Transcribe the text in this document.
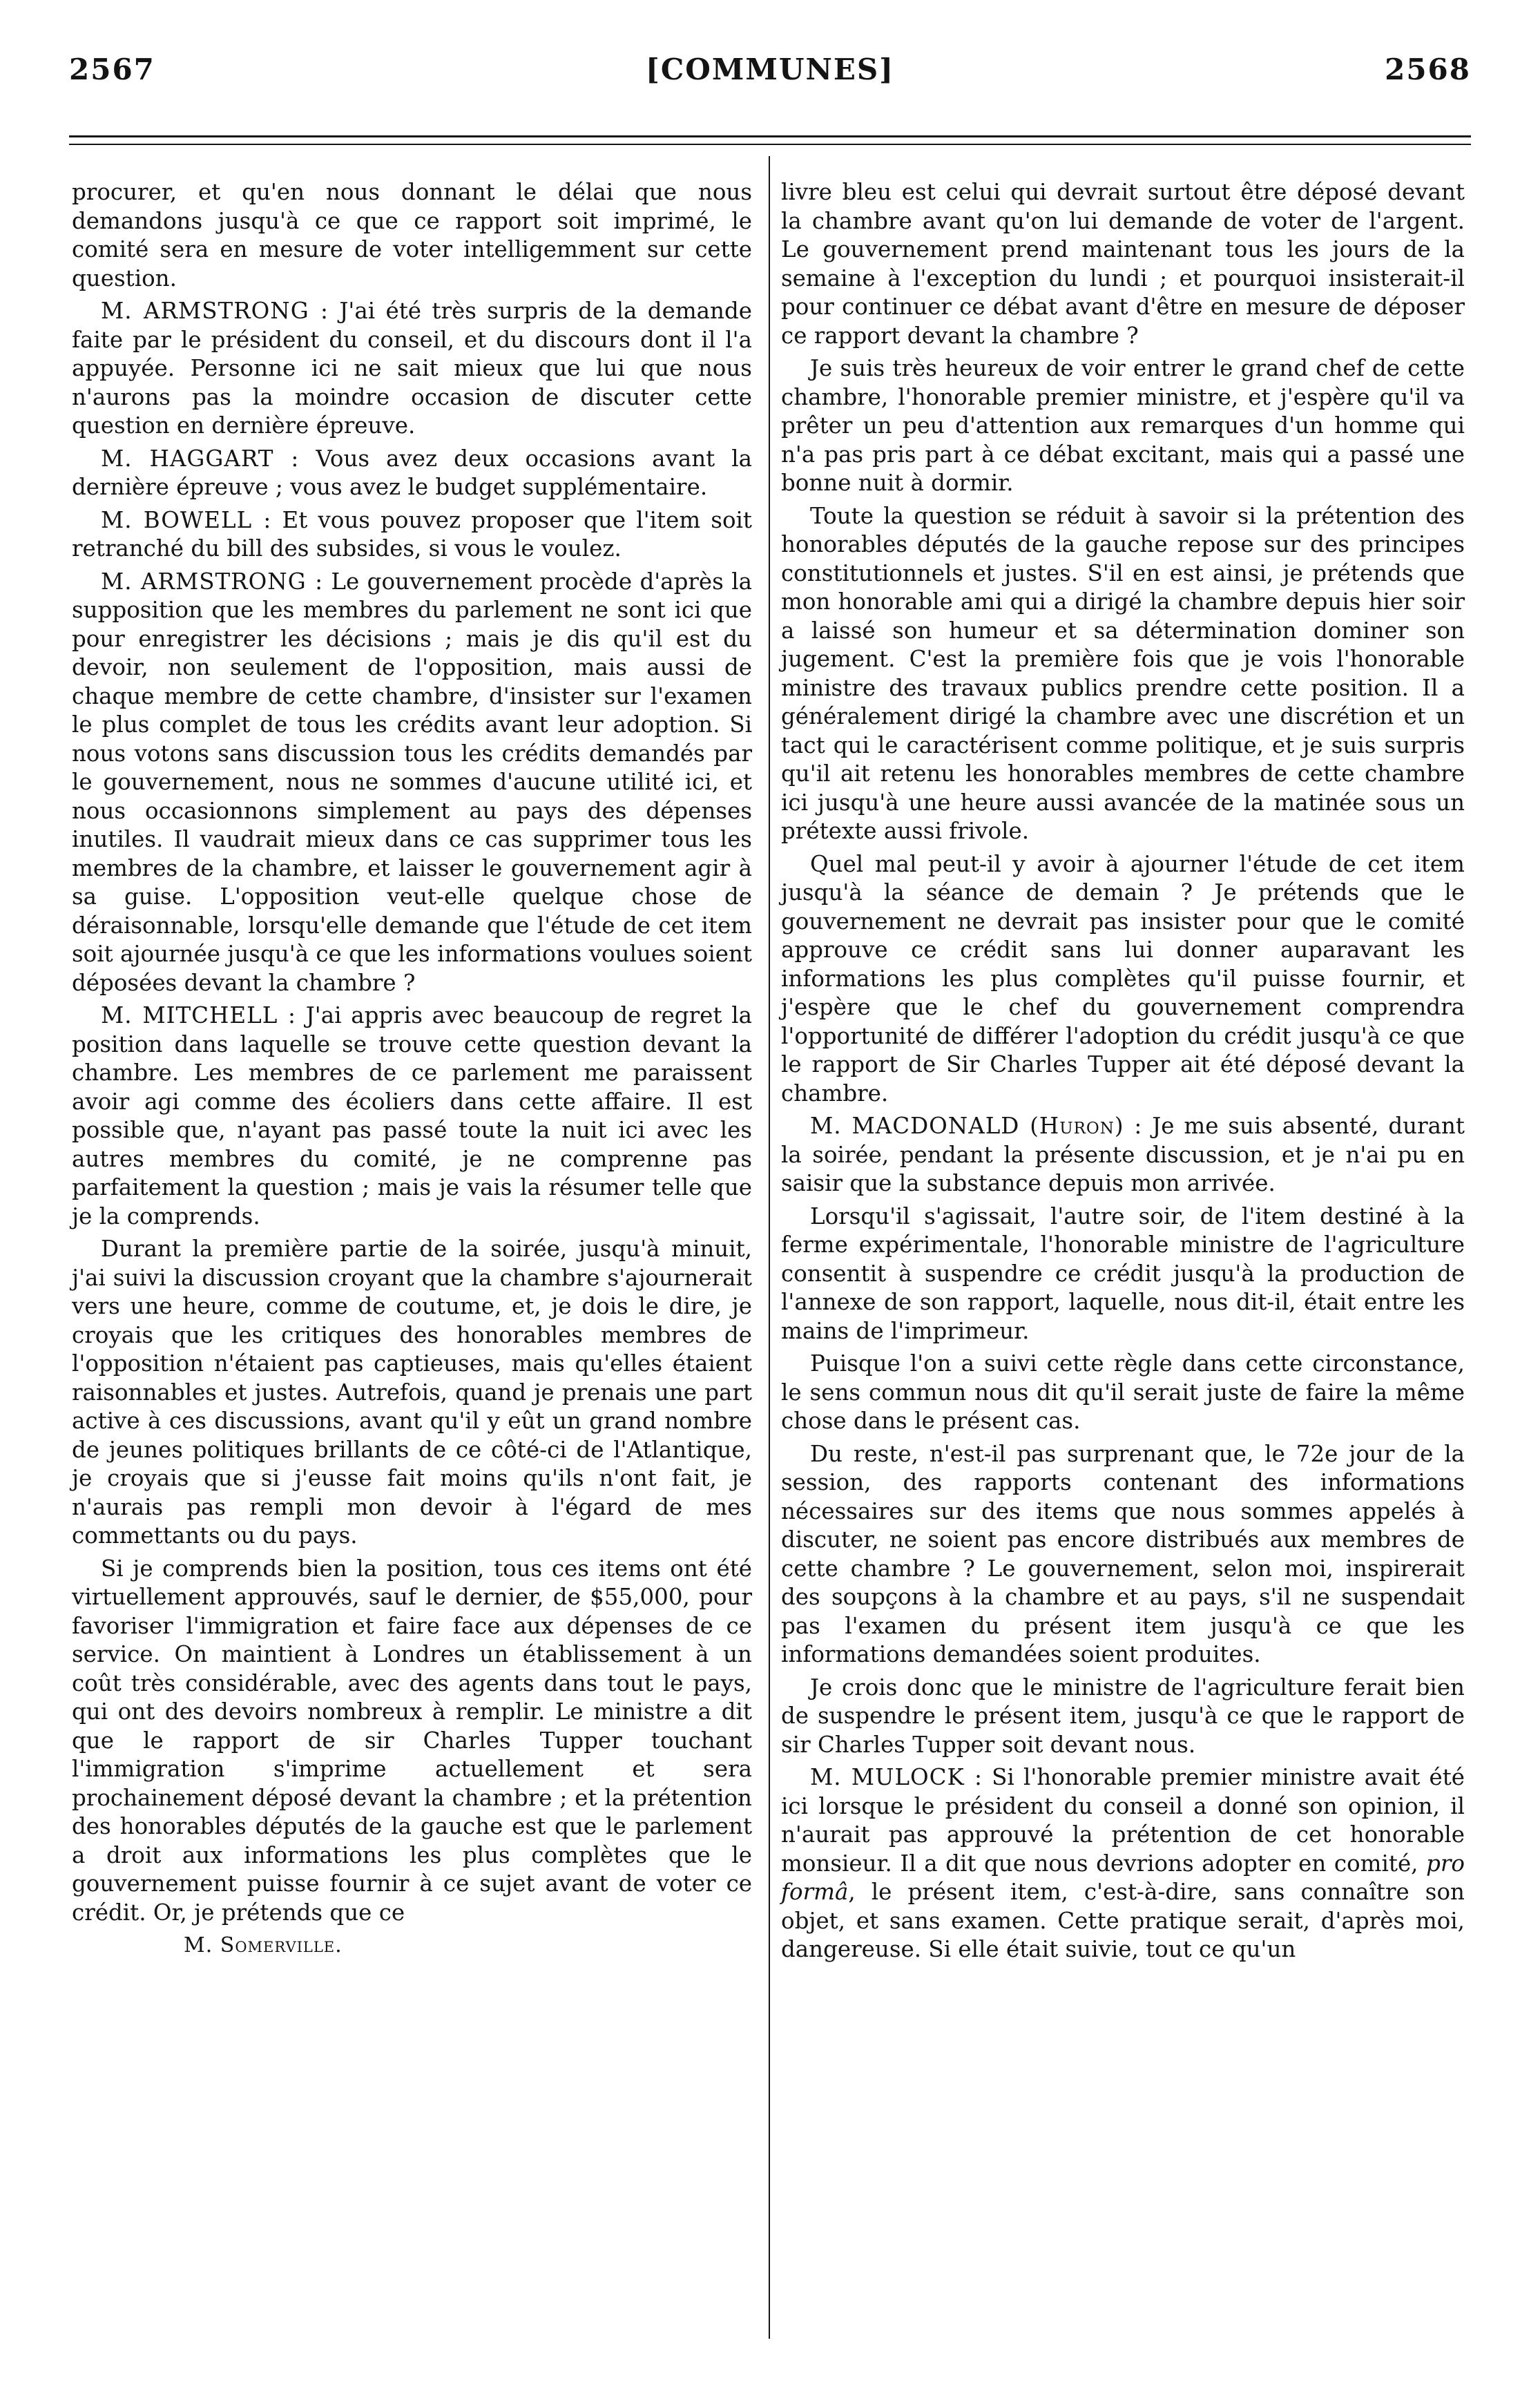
2567	[COMMUNES]	2568

procurer, et qu'en nous donnant le délai que nous demandons jusqu'à ce que ce rapport soit imprimé, le comité sera en mesure de voter intelligemment sur cette question.

M. ARMSTRONG : J'ai été très surpris de la demande faite par le président du conseil, et du discours dont il l'a appuyée. Personne ici ne sait mieux que lui que nous n'aurons pas la moindre occasion de discuter cette question en dernière épreuve.

M. HAGGART : Vous avez deux occasions avant la dernière épreuve ; vous avez le budget supplémentaire.

M. BOWELL : Et vous pouvez proposer que l'item soit retranché du bill des subsides, si vous le voulez.

M. ARMSTRONG : Le gouvernement procède d'après la supposition que les membres du parlement ne sont ici que pour enregistrer les décisions ; mais je dis qu'il est du devoir, non seulement de l'opposition, mais aussi de chaque membre de cette chambre, d'insister sur l'examen le plus complet de tous les crédits avant leur adoption. Si nous votons sans discussion tous les crédits demandés par le gouvernement, nous ne sommes d'aucune utilité ici, et nous occasionnons simplement au pays des dépenses inutiles. Il vaudrait mieux dans ce cas supprimer tous les membres de la chambre, et laisser le gouvernement agir à sa guise. L'opposition veut-elle quelque chose de déraisonnable, lorsqu'elle demande que l'étude de cet item soit ajournée jusqu'à ce que les informations voulues soient déposées devant la chambre ?

M. MITCHELL : J'ai appris avec beaucoup de regret la position dans laquelle se trouve cette question devant la chambre. Les membres de ce parlement me paraissent avoir agi comme des écoliers dans cette affaire. Il est possible que, n'ayant pas passé toute la nuit ici avec les autres membres du comité, je ne comprenne pas parfaitement la question ; mais je vais la résumer telle que je la comprends.

Durant la première partie de la soirée, jusqu'à minuit, j'ai suivi la discussion croyant que la chambre s'ajournerait vers une heure, comme de coutume, et, je dois le dire, je croyais que les critiques des honorables membres de l'opposition n'étaient pas captieuses, mais qu'elles étaient raisonnables et justes. Autrefois, quand je prenais une part active à ces discussions, avant qu'il y eût un grand nombre de jeunes politiques brillants de ce côté-ci de l'Atlantique, je croyais que si j'eusse fait moins qu'ils n'ont fait, je n'aurais pas rempli mon devoir à l'égard de mes commettants ou du pays.

Si je comprends bien la position, tous ces items ont été virtuellement approuvés, sauf le dernier, de $55,000, pour favoriser l'immigration et faire face aux dépenses de ce service. On maintient à Londres un établissement à un coût très considérable, avec des agents dans tout le pays, qui ont des devoirs nombreux à remplir. Le ministre a dit que le rapport de sir Charles Tupper touchant l'immigration s'imprime actuellement et sera prochainement déposé devant la chambre ; et la prétention des honorables députés de la gauche est que le parlement a droit aux informations les plus complètes que le gouvernement puisse fournir à ce sujet avant de voter ce crédit. Or, je prétends que ce

M. Somerville.

livre bleu est celui qui devrait surtout être déposé devant la chambre avant qu'on lui demande de voter de l'argent. Le gouvernement prend maintenant tous les jours de la semaine à l'exception du lundi ; et pourquoi insisterait-il pour continuer ce débat avant d'être en mesure de déposer ce rapport devant la chambre ?

Je suis très heureux de voir entrer le grand chef de cette chambre, l'honorable premier ministre, et j'espère qu'il va prêter un peu d'attention aux remarques d'un homme qui n'a pas pris part à ce débat excitant, mais qui a passé une bonne nuit à dormir.

Toute la question se réduit à savoir si la prétention des honorables députés de la gauche repose sur des principes constitutionnels et justes. S'il en est ainsi, je prétends que mon honorable ami qui a dirigé la chambre depuis hier soir a laissé son humeur et sa détermination dominer son jugement. C'est la première fois que je vois l'honorable ministre des travaux publics prendre cette position. Il a généralement dirigé la chambre avec une discrétion et un tact qui le caractérisent comme politique, et je suis surpris qu'il ait retenu les honorables membres de cette chambre ici jusqu'à une heure aussi avancée de la matinée sous un prétexte aussi frivole.

Quel mal peut-il y avoir à ajourner l'étude de cet item jusqu'à la séance de demain ? Je prétends que le gouvernement ne devrait pas insister pour que le comité approuve ce crédit sans lui donner auparavant les informations les plus complètes qu'il puisse fournir, et j'espère que le chef du gouvernement comprendra l'opportunité de différer l'adoption du crédit jusqu'à ce que le rapport de Sir Charles Tupper ait été déposé devant la chambre.

M. MACDONALD (Huron) : Je me suis absenté, durant la soirée, pendant la présente discussion, et je n'ai pu en saisir que la substance depuis mon arrivée.

Lorsqu'il s'agissait, l'autre soir, de l'item destiné à la ferme expérimentale, l'honorable ministre de l'agriculture consentit à suspendre ce crédit jusqu'à la production de l'annexe de son rapport, laquelle, nous dit-il, était entre les mains de l'imprimeur.

Puisque l'on a suivi cette règle dans cette circonstance, le sens commun nous dit qu'il serait juste de faire la même chose dans le présent cas.

Du reste, n'est-il pas surprenant que, le 72e jour de la session, des rapports contenant des informations nécessaires sur des items que nous sommes appelés à discuter, ne soient pas encore distribués aux membres de cette chambre ? Le gouvernement, selon moi, inspirerait des soupçons à la chambre et au pays, s'il ne suspendait pas l'examen du présent item jusqu'à ce que les informations demandées soient produites.

Je crois donc que le ministre de l'agriculture ferait bien de suspendre le présent item, jusqu'à ce que le rapport de sir Charles Tupper soit devant nous.

M. MULOCK : Si l'honorable premier ministre avait été ici lorsque le président du conseil a donné son opinion, il n'aurait pas approuvé la prétention de cet honorable monsieur. Il a dit que nous devrions adopter en comité, pro formâ, le présent item, c'est-à-dire, sans connaître son objet, et sans examen. Cette pratique serait, d'après moi, dangereuse. Si elle était suivie, tout ce qu'un
